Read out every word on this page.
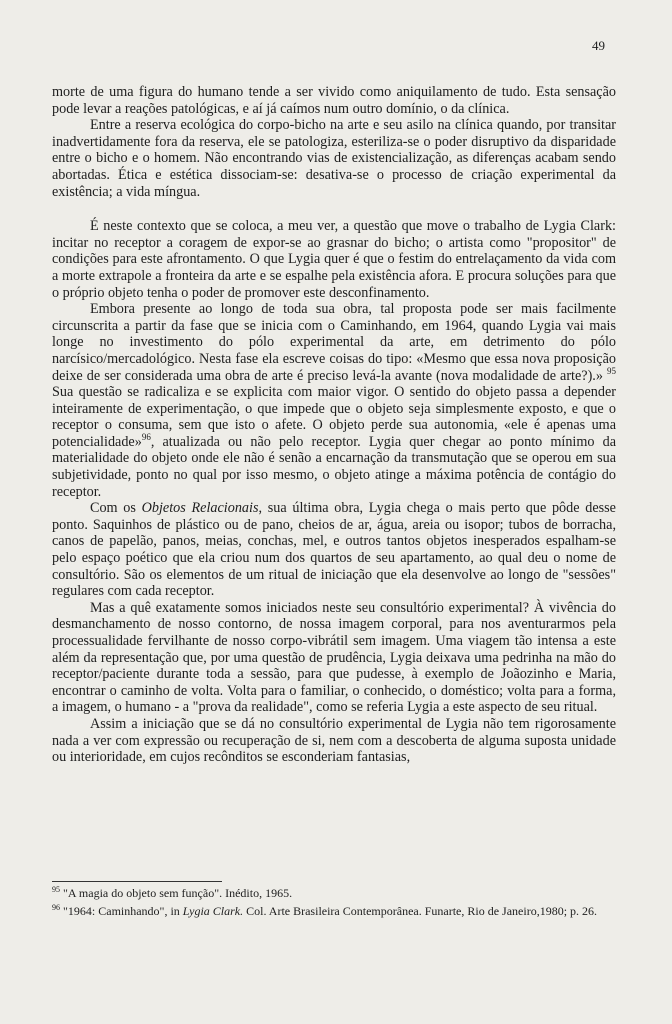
49

morte de uma figura do humano tende a ser vivido como aniquilamento de tudo. Esta sensação pode levar a reações patológicas, e aí já caímos num outro domínio, o da clínica.

Entre a reserva ecológica do corpo-bicho na arte e seu asilo na clínica quando, por transitar inadvertidamente fora da reserva, ele se patologiza, esteriliza-se o poder disruptivo da disparidade entre o bicho e o homem. Não encontrando vias de existencialização, as diferenças acabam sendo abortadas. Ética e estética dissociam-se: desativa-se o processo de criação experimental da existência; a vida míngua.

É neste contexto que se coloca, a meu ver, a questão que move o trabalho de Lygia Clark: incitar no receptor a coragem de expor-se ao grasnar do bicho; o artista como "propositor" de condições para este afrontamento. O que Lygia quer é que o festim do entrelaçamento da vida com a morte extrapole a fronteira da arte e se espalhe pela existência afora. E procura soluções para que o próprio objeto tenha o poder de promover este desconfinamento.

Embora presente ao longo de toda sua obra, tal proposta pode ser mais facilmente circunscrita a partir da fase que se inicia com o Caminhando, em 1964, quando Lygia vai mais longe no investimento do pólo experimental da arte, em detrimento do pólo narcísico/mercadológico. Nesta fase ela escreve coisas do tipo: «Mesmo que essa nova proposição deixe de ser considerada uma obra de arte é preciso levá-la avante (nova modalidade de arte?).» $^{95}$ Sua questão se radicaliza e se explicita com maior vigor. O sentido do objeto passa a depender inteiramente de experimentação, o que impede que o objeto seja simplesmente exposto, e que o receptor o consuma, sem que isto o afete. O objeto perde sua autonomia, «ele é apenas uma potencialidade»$^{96}$, atualizada ou não pelo receptor. Lygia quer chegar ao ponto mínimo da materialidade do objeto onde ele não é senão a encarnação da transmutação que se operou em sua subjetividade, ponto no qual por isso mesmo, o objeto atinge a máxima potência de contágio do receptor.

Com os Objetos Relacionais, sua última obra, Lygia chega o mais perto que pôde desse ponto. Saquinhos de plástico ou de pano, cheios de ar, água, areia ou isopor; tubos de borracha, canos de papelão, panos, meias, conchas, mel, e outros tantos objetos inesperados espalham-se pelo espaço poético que ela criou num dos quartos de seu apartamento, ao qual deu o nome de consultório. São os elementos de um ritual de iniciação que ela desenvolve ao longo de "sessões" regulares com cada receptor.

Mas a quê exatamente somos iniciados neste seu consultório experimental? À vivência do desmanchamento de nosso contorno, de nossa imagem corporal, para nos aventurarmos pela processualidade fervilhante de nosso corpo-vibrátil sem imagem. Uma viagem tão intensa a este além da representação que, por uma questão de prudência, Lygia deixava uma pedrinha na mão do receptor/paciente durante toda a sessão, para que pudesse, à exemplo de Joãozinho e Maria, encontrar o caminho de volta. Volta para o familiar, o conhecido, o doméstico; volta para a forma, a imagem, o humano - a "prova da realidade", como se referia Lygia a este aspecto de seu ritual.

Assim a iniciação que se dá no consultório experimental de Lygia não tem rigorosamente nada a ver com expressão ou recuperação de si, nem com a descoberta de alguma suposta unidade ou interioridade, em cujos recônditos se esconderiam fantasias,

$^{95}$ "A magia do objeto sem função". Inédito, 1965.

$^{96}$ "1964: Caminhando", in Lygia Clark. Col. Arte Brasileira Contemporânea. Funarte, Rio de Janeiro,1980; p. 26.
